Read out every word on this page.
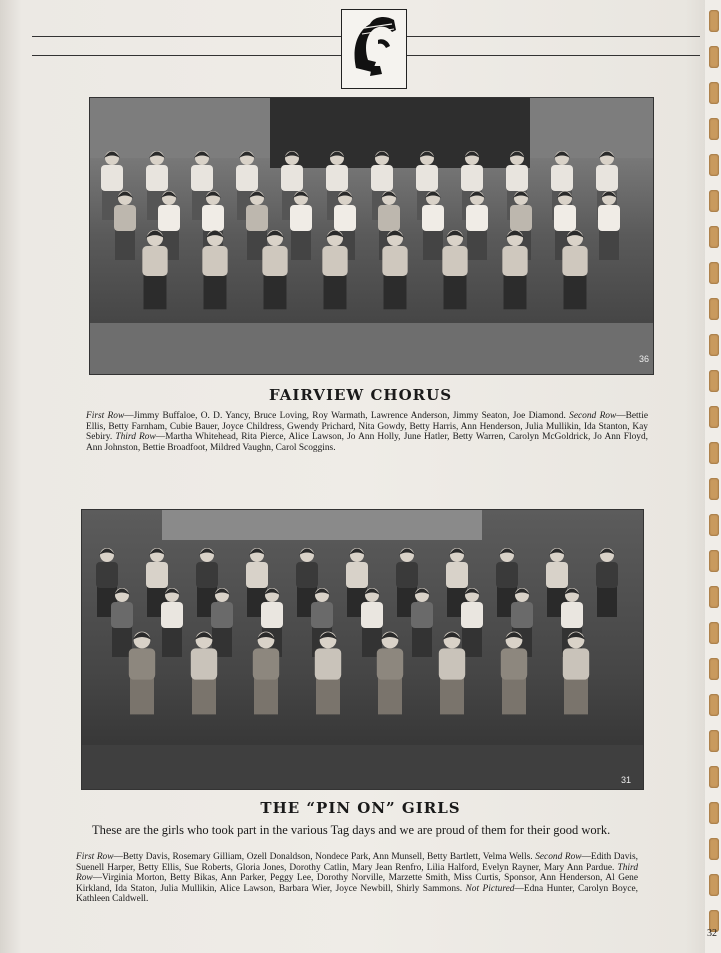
36
FAIRVIEW CHORUS
First Row—Jimmy Buffaloe, O. D. Yancy, Bruce Loving, Roy Warmath, Lawrence Anderson, Jimmy Seaton, Joe Diamond. Second Row—Bettie Ellis, Betty Farnham, Cubie Bauer, Joyce Childress, Gwendy Prichard, Nita Gowdy, Betty Harris, Ann Henderson, Julia Mullikin, Ida Stanton, Kay Sebiry. Third Row—Martha Whitehead, Rita Pierce, Alice Lawson, Jo Ann Holly, June Hatler, Betty Warren, Carolyn McGoldrick, Jo Ann Floyd, Ann Johnston, Bettie Broadfoot, Mildred Vaughn, Carol Scoggins.
31
THE “PIN ON” GIRLS
These are the girls who took part in the various Tag days and we are proud of them for their good work.
First Row—Betty Davis, Rosemary Gilliam, Ozell Donaldson, Nondece Park, Ann Munsell, Betty Bartlett, Velma Wells. Second Row—Edith Davis, Suenell Harper, Betty Ellis, Sue Roberts, Gloria Jones, Dorothy Catlin, Mary Jean Renfro, Lilia Halford, Evelyn Rayner, Mary Ann Pardue. Third Row—Virginia Morton, Betty Bikas, Ann Parker, Peggy Lee, Dorothy Norville, Marzette Smith, Miss Curtis, Sponsor, Ann Henderson, Al Gene Kirkland, Ida Staton, Julia Mullikin, Alice Lawson, Barbara Wier, Joyce Newbill, Shirly Sammons. Not Pictured—Edna Hunter, Carolyn Boyce, Kathleen Caldwell.
32
